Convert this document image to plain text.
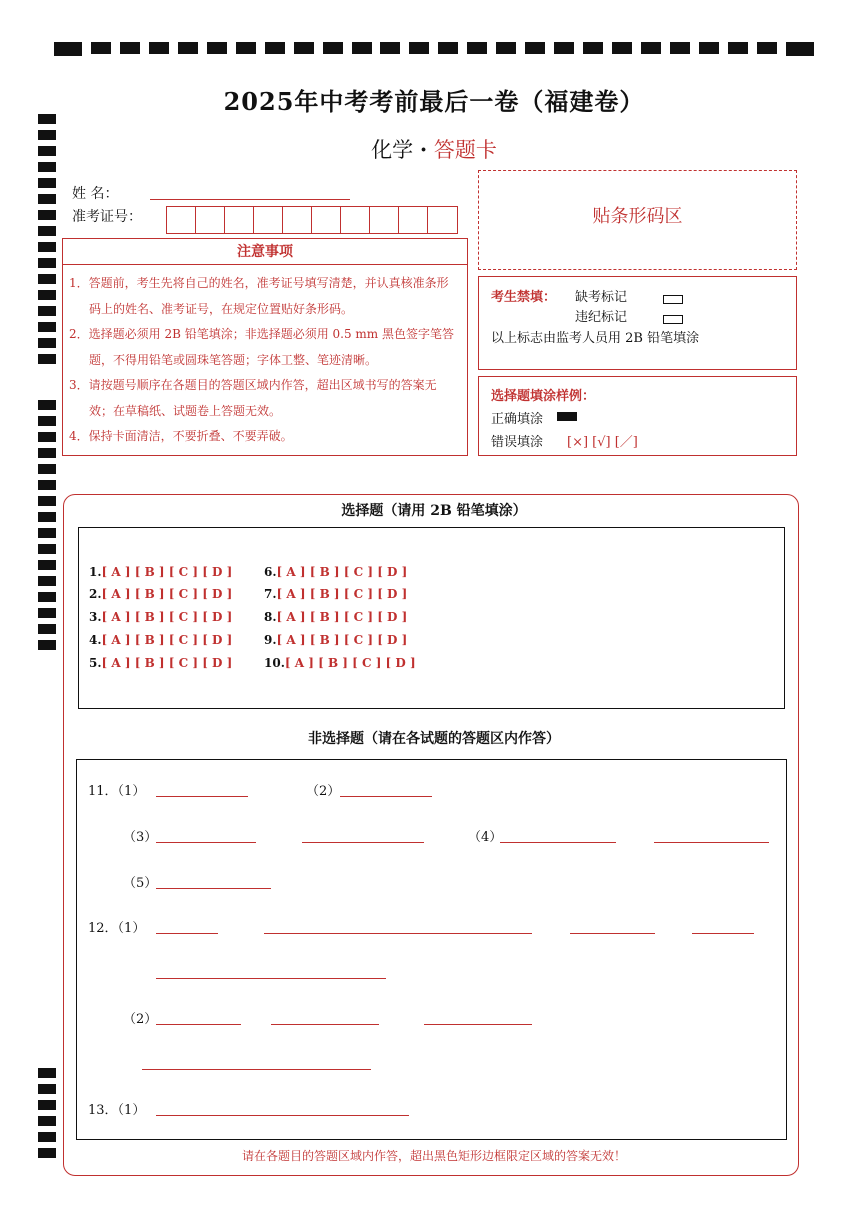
2025年中考考前最后一卷（福建卷）
化学 · 答题卡
姓 名：
准考证号：
注意事项
1．答题前，考生先将自己的姓名，准考证号填写清楚，并认真核准条形码上的姓名、准考证号，在规定位置贴好条形码。
2．选择题必须用 2B 铅笔填涂；非选择题必须用 0.5 mm 黑色签字笔答题，不得用铅笔或圆珠笔答题；字体工整、笔迹清晰。
3．请按题号顺序在各题目的答题区域内作答，超出区域书写的答案无效；在草稿纸、试题卷上答题无效。
4．保持卡面清洁，不要折叠、不要弄破。
贴条形码区
考生禁填： 缺考标记
违纪标记
以上标志由监考人员用 2B 铅笔填涂
选择题填涂样例：
正确填涂
错误填涂 [×] [√] [／]
选择题（请用 2B 铅笔填涂）
1.[ A ] [ B ] [ C ] [ D ]
2.[ A ] [ B ] [ C ] [ D ]
3.[ A ] [ B ] [ C ] [ D ]
4.[ A ] [ B ] [ C ] [ D ]
5.[ A ] [ B ] [ C ] [ D ]
6.[ A ] [ B ] [ C ] [ D ]
7.[ A ] [ B ] [ C ] [ D ]
8.[ A ] [ B ] [ C ] [ D ]
9.[ A ] [ B ] [ C ] [ D ]
10.[ A ] [ B ] [ C ] [ D ]
非选择题（请在各试题的答题区内作答）
11．（1）	（2）
（3）	（4）
（5）
12．（1）
（2）
13．（1）
请在各题目的答题区域内作答，超出黑色矩形边框限定区域的答案无效！
